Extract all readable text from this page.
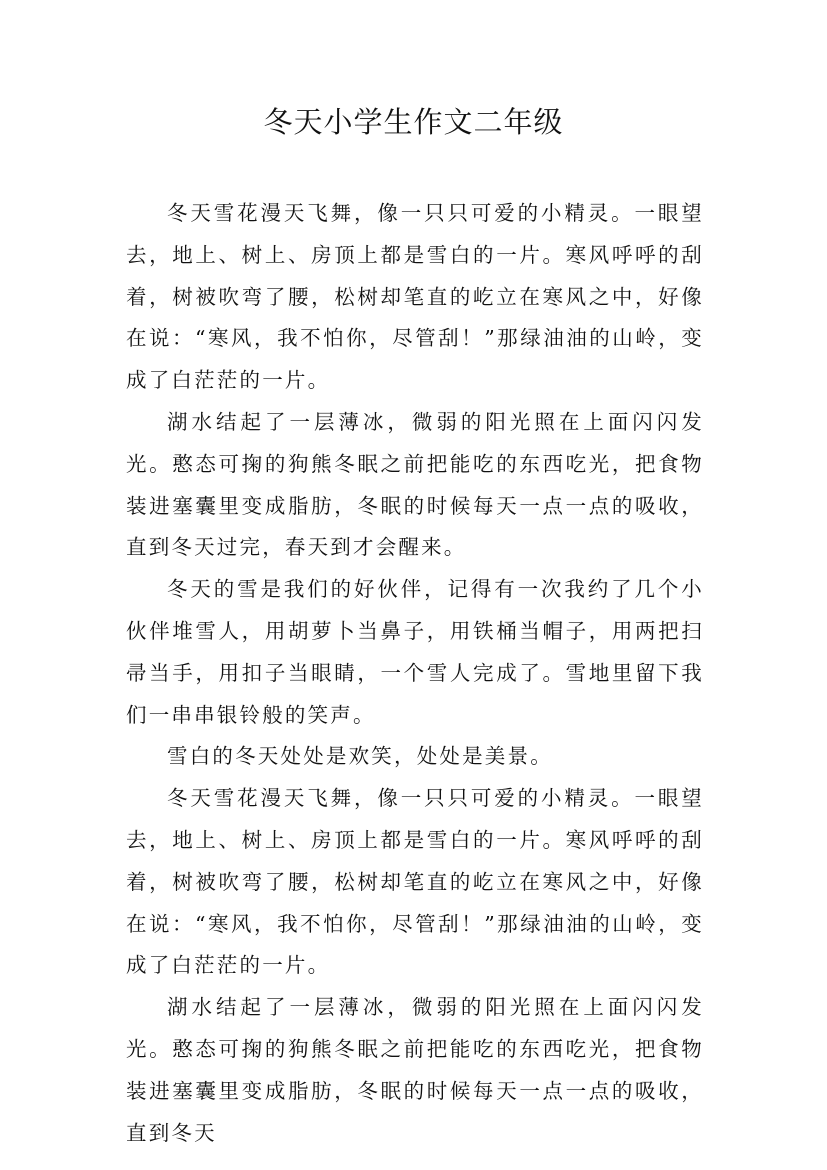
冬天小学生作文二年级

冬天雪花漫天飞舞，像一只只可爱的小精灵。一眼望去，地上、树上、房顶上都是雪白的一片。寒风呼呼的刮着，树被吹弯了腰，松树却笔直的屹立在寒风之中，好像在说：“寒风，我不怕你，尽管刮！”那绿油油的山岭，变成了白茫茫的一片。

湖水结起了一层薄冰，微弱的阳光照在上面闪闪发光。憨态可掬的狗熊冬眠之前把能吃的东西吃光，把食物装进塞囊里变成脂肪，冬眠的时候每天一点一点的吸收，直到冬天过完，春天到才会醒来。

冬天的雪是我们的好伙伴，记得有一次我约了几个小伙伴堆雪人，用胡萝卜当鼻子，用铁桶当帽子，用两把扫帚当手，用扣子当眼睛，一个雪人完成了。雪地里留下我们一串串银铃般的笑声。

雪白的冬天处处是欢笑，处处是美景。

冬天雪花漫天飞舞，像一只只可爱的小精灵。一眼望去，地上、树上、房顶上都是雪白的一片。寒风呼呼的刮着，树被吹弯了腰，松树却笔直的屹立在寒风之中，好像在说：“寒风，我不怕你，尽管刮！”那绿油油的山岭，变成了白茫茫的一片。

湖水结起了一层薄冰，微弱的阳光照在上面闪闪发光。憨态可掬的狗熊冬眠之前把能吃的东西吃光，把食物装进塞囊里变成脂肪，冬眠的时候每天一点一点的吸收，直到冬天
